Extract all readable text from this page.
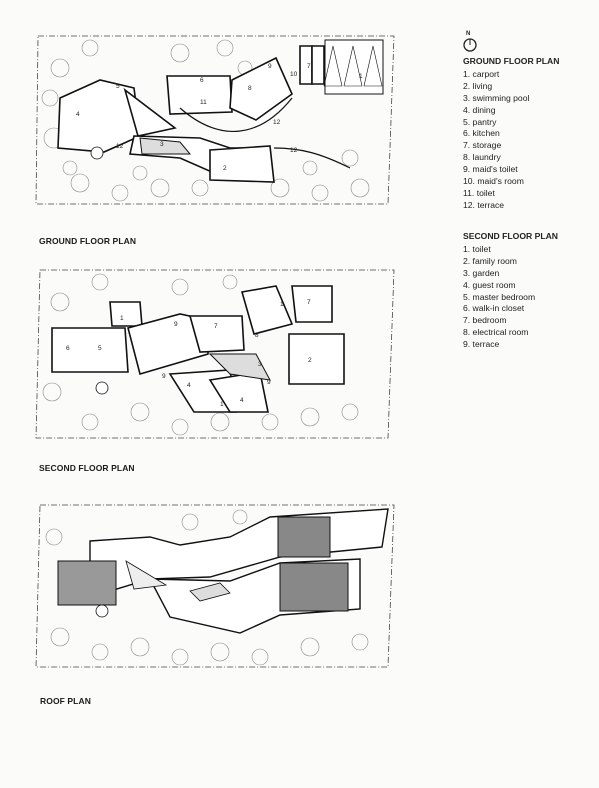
N
GROUND FLOOR PLAN
1. carport
2. living
3. swimming pool
4. dining
5. pantry
6. kitchen
7. storage
8. laundry
9. maid's toilet
10. maid's room
11. toilet
12. terrace
SECOND FLOOR PLAN
1. toilet
2. family room
3. garden
4. guest room
5. master bedroom
6. walk-in closet
7. bedroom
8. electrical room
9. terrace
1
2
3
4
5
6
7
8
9
10
11
12
12
12
GROUND FLOOR PLAN
1
1
1
2
3
4
4
5
6
7
7
8
9
9
9
SECOND FLOOR PLAN
ROOF PLAN
